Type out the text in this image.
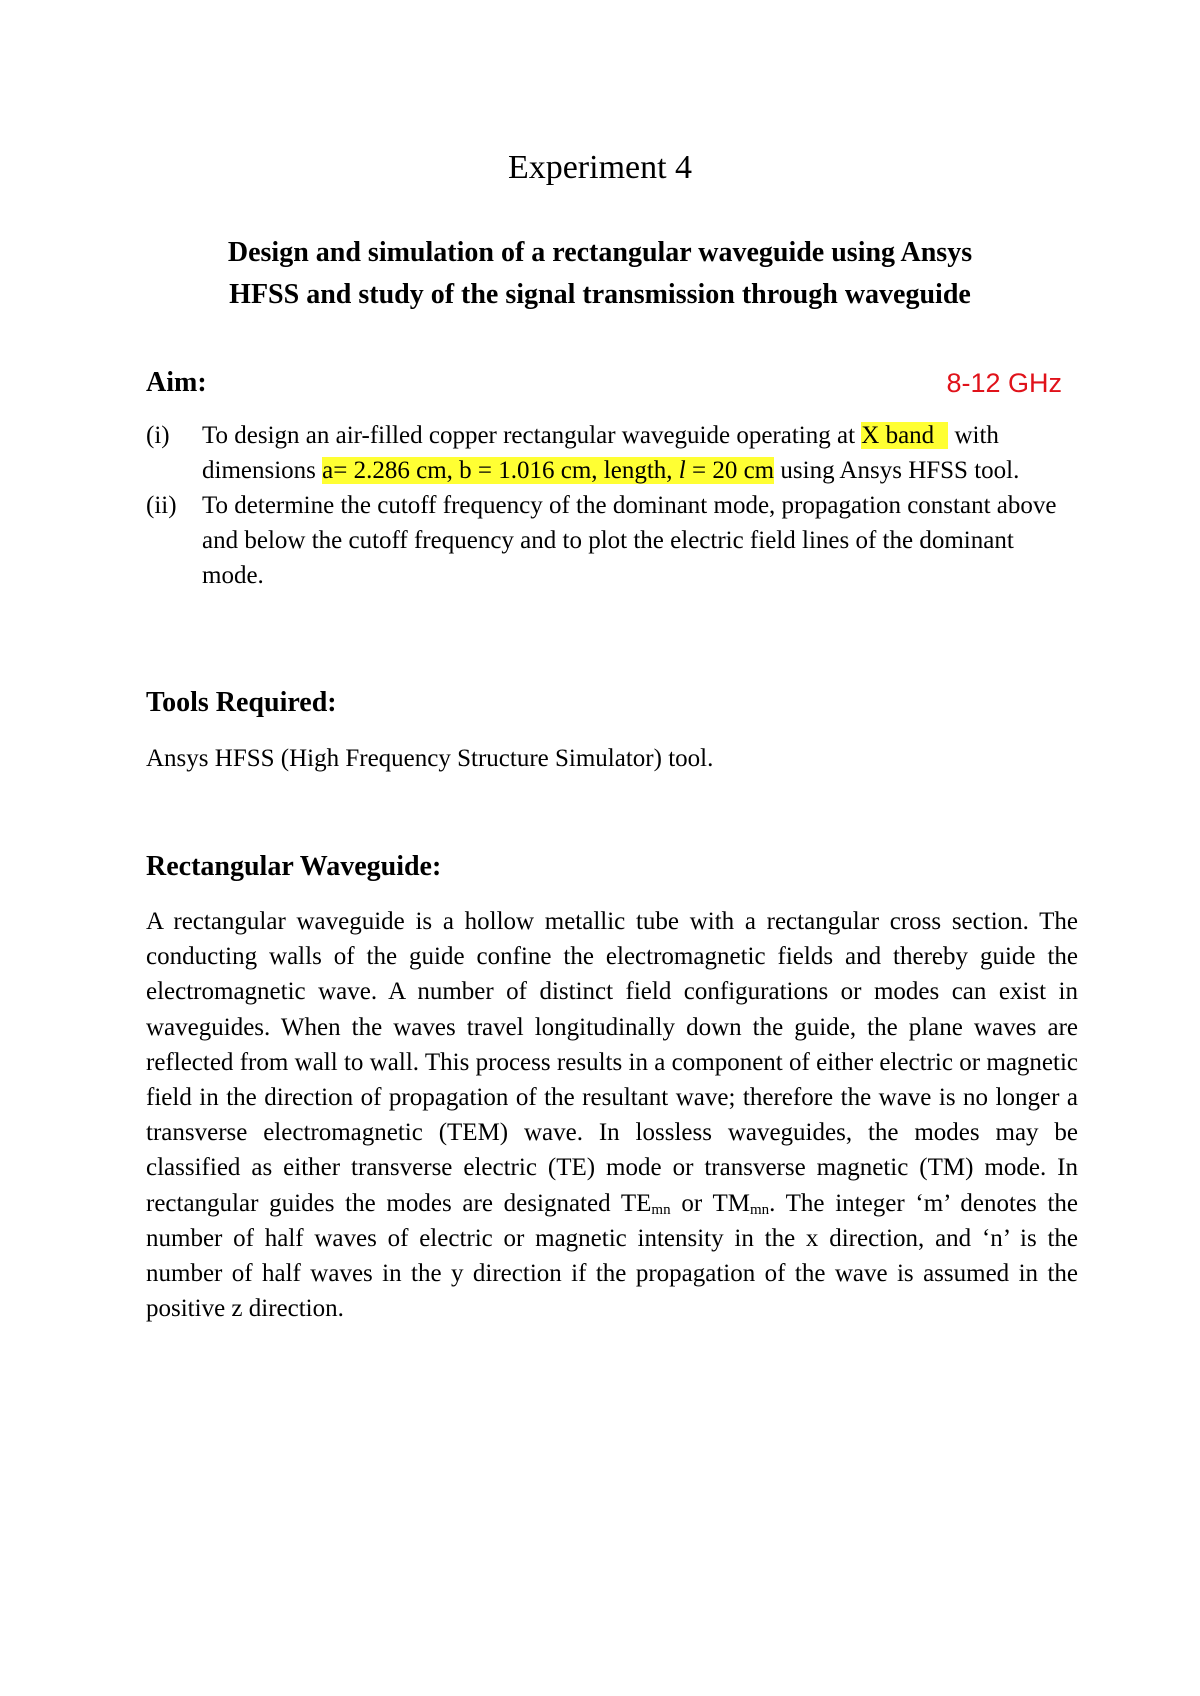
Experiment 4
Design and simulation of a rectangular waveguide using Ansys
HFSS and study of the signal transmission through waveguide
Aim:	8-12 GHz
(i) To design an air-filled copper rectangular waveguide operating at X band with dimensions a= 2.286 cm, b = 1.016 cm, length, l = 20 cm using Ansys HFSS tool.
(ii) To determine the cutoff frequency of the dominant mode, propagation constant above and below the cutoff frequency and to plot the electric field lines of the dominant mode.
Tools Required:
Ansys HFSS (High Frequency Structure Simulator) tool.
Rectangular Waveguide:
A rectangular waveguide is a hollow metallic tube with a rectangular cross section. The conducting walls of the guide confine the electromagnetic fields and thereby guide the electromagnetic wave. A number of distinct field configurations or modes can exist in waveguides. When the waves travel longitudinally down the guide, the plane waves are reflected from wall to wall. This process results in a component of either electric or magnetic field in the direction of propagation of the resultant wave; therefore the wave is no longer a transverse electromagnetic (TEM) wave. In lossless waveguides, the modes may be classified as either transverse electric (TE) mode or transverse magnetic (TM) mode. In rectangular guides the modes are designated $TE_{mn}$ or $TM_{mn}$. The integer ‘m’ denotes the number of half waves of electric or magnetic intensity in the x direction, and ‘n’ is the number of half waves in the y direction if the propagation of the wave is assumed in the positive z direction.
